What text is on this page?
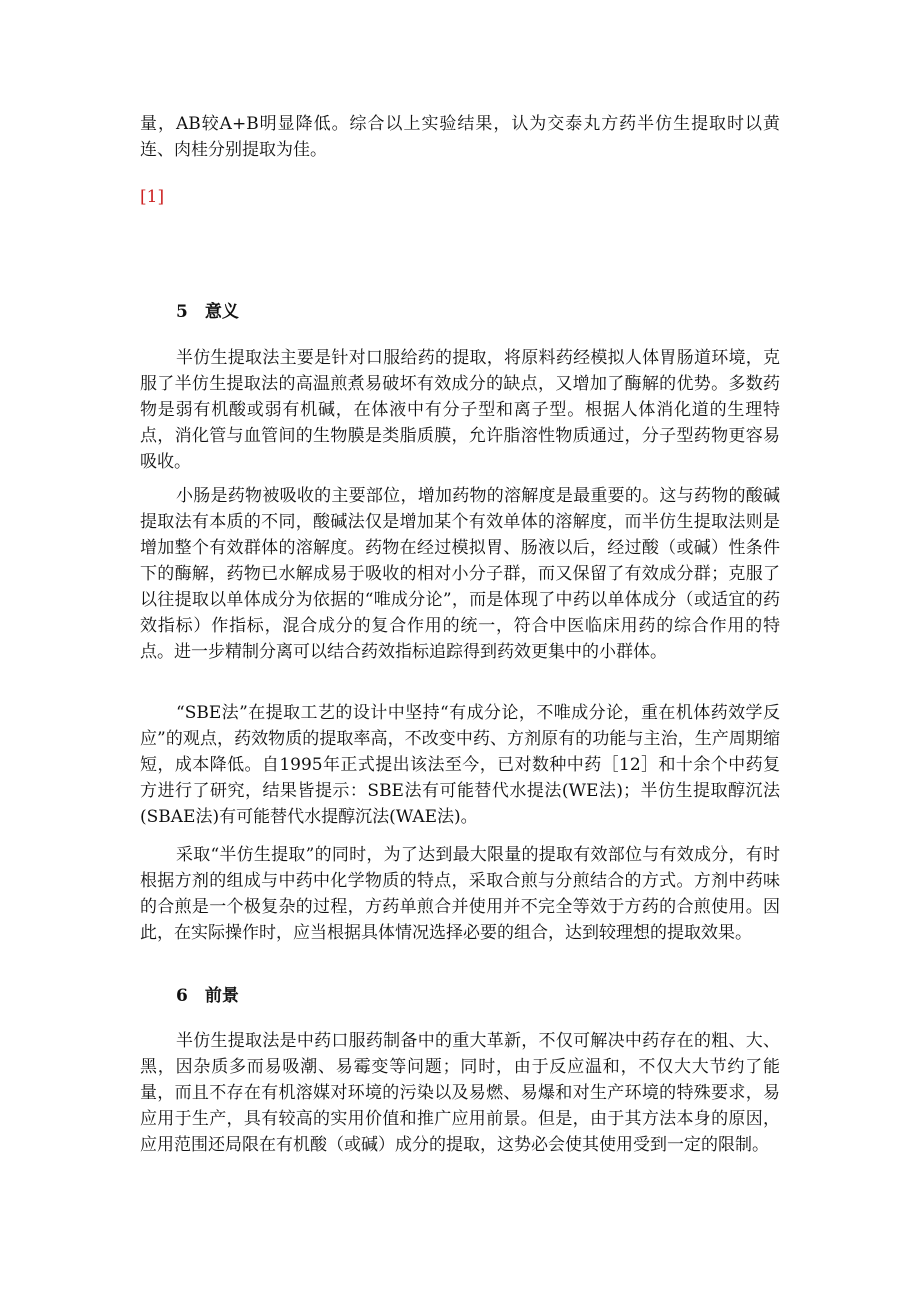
量，AB较A+B明显降低。综合以上实验结果，认为交泰丸方药半仿生提取时以黄连、肉桂分别提取为佳。

[1]
5　意义

半仿生提取法主要是针对口服给药的提取，将原料药经模拟人体胃肠道环境，克服了半仿生提取法的高温煎煮易破坏有效成分的缺点，又增加了酶解的优势。多数药物是弱有机酸或弱有机碱，在体液中有分子型和离子型。根据人体消化道的生理特点，消化管与血管间的生物膜是类脂质膜，允许脂溶性物质通过，分子型药物更容易吸收。

小肠是药物被吸收的主要部位，增加药物的溶解度是最重要的。这与药物的酸碱提取法有本质的不同，酸碱法仅是增加某个有效单体的溶解度，而半仿生提取法则是增加整个有效群体的溶解度。药物在经过模拟胃、肠液以后，经过酸（或碱）性条件下的酶解，药物已水解成易于吸收的相对小分子群，而又保留了有效成分群；克服了以往提取以单体成分为依据的“唯成分论”，而是体现了中药以单体成分（或适宜的药效指标）作指标，混合成分的复合作用的统一，符合中医临床用药的综合作用的特点。进一步精制分离可以结合药效指标追踪得到药效更集中的小群体。

“SBE法”在提取工艺的设计中坚持“有成分论，不唯成分论，重在机体药效学反应”的观点，药效物质的提取率高，不改变中药、方剂原有的功能与主治，生产周期缩短，成本降低。自1995年正式提出该法至今，已对数种中药［12］和十余个中药复方进行了研究，结果皆提示：SBE法有可能替代水提法(WE法)；半仿生提取醇沉法(SBAE法)有可能替代水提醇沉法(WAE法)。

采取“半仿生提取”的同时，为了达到最大限量的提取有效部位与有效成分，有时根据方剂的组成与中药中化学物质的特点，采取合煎与分煎结合的方式。方剂中药味的合煎是一个极复杂的过程，方药单煎合并使用并不完全等效于方药的合煎使用。因此，在实际操作时，应当根据具体情况选择必要的组合，达到较理想的提取效果。

6　前景

半仿生提取法是中药口服药制备中的重大革新，不仅可解决中药存在的粗、大、黑，因杂质多而易吸潮、易霉变等问题；同时，由于反应温和，不仅大大节约了能量，而且不存在有机溶媒对环境的污染以及易燃、易爆和对生产环境的特殊要求，易应用于生产，具有较高的实用价值和推广应用前景。但是，由于其方法本身的原因，应用范围还局限在有机酸（或碱）成分的提取，这势必会使其使用受到一定的限制。
